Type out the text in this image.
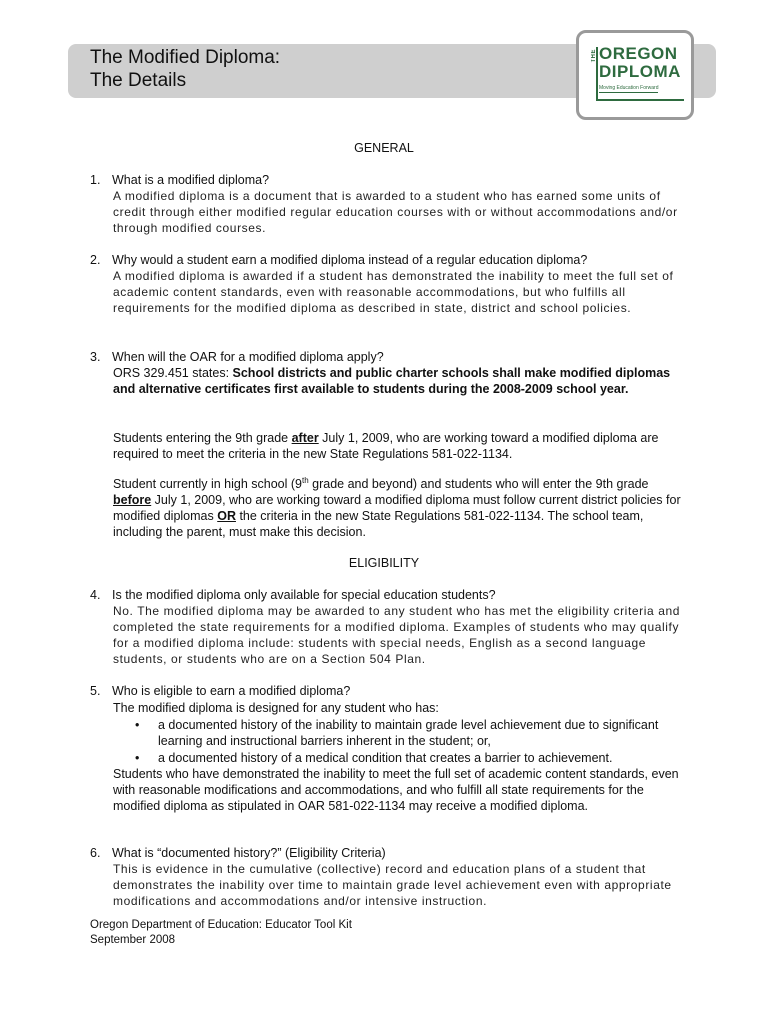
The Modified Diploma:
The Details
THE OREGON
DIPLOMA
Moving Education Forward
GENERAL
1. What is a modified diploma?
A modified diploma is a document that is awarded to a student who has earned some units of credit through either modified regular education courses with or without accommodations and/or through modified courses.
2. Why would a student earn a modified diploma instead of a regular education diploma?
A modified diploma is awarded if a student has demonstrated the inability to meet the full set of academic content standards, even with reasonable accommodations, but who fulfills all requirements for the modified diploma as described in state, district and school policies.
3. When will the OAR for a modified diploma apply?
ORS 329.451 states: School districts and public charter schools shall make modified diplomas and alternative certificates first available to students during the 2008-2009 school year.
Students entering the 9th grade after July 1, 2009, who are working toward a modified diploma are required to meet the criteria in the new State Regulations 581-022-1134.
Student currently in high school (9th grade and beyond) and students who will enter the 9th grade before July 1, 2009, who are working toward a modified diploma must follow current district policies for modified diplomas OR the criteria in the new State Regulations 581-022-1134. The school team, including the parent, must make this decision.
ELIGIBILITY
4. Is the modified diploma only available for special education students?
No. The modified diploma may be awarded to any student who has met the eligibility criteria and completed the state requirements for a modified diploma. Examples of students who may qualify for a modified diploma include: students with special needs, English as a second language students, or students who are on a Section 504 Plan.
5. Who is eligible to earn a modified diploma?
The modified diploma is designed for any student who has:
• a documented history of the inability to maintain grade level achievement due to significant learning and instructional barriers inherent in the student; or,
• a documented history of a medical condition that creates a barrier to achievement.
Students who have demonstrated the inability to meet the full set of academic content standards, even with reasonable modifications and accommodations, and who fulfill all state requirements for the modified diploma as stipulated in OAR 581-022-1134 may receive a modified diploma.
6. What is “documented history?” (Eligibility Criteria)
This is evidence in the cumulative (collective) record and education plans of a student that demonstrates the inability over time to maintain grade level achievement even with appropriate modifications and accommodations and/or intensive instruction.
Oregon Department of Education: Educator Tool Kit
September 2008
